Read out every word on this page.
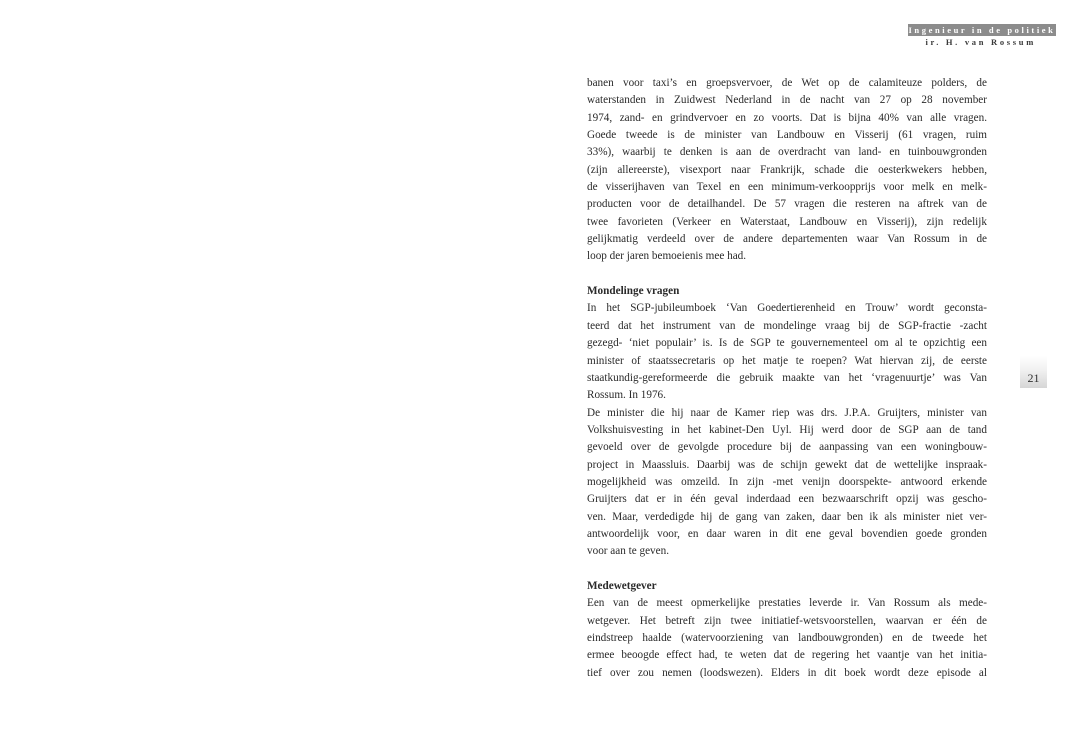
Ingenieur in de politiek
ir. H. van Rossum
21
banen voor taxi’s en groepsvervoer, de Wet op de calamiteuze polders, de
waterstanden in Zuidwest Nederland in de nacht van 27 op 28 november
1974, zand- en grindvervoer en zo voorts. Dat is bijna 40% van alle vragen.
Goede tweede is de minister van Landbouw en Visserij (61 vragen, ruim
33%), waarbij te denken is aan de overdracht van land- en tuinbouwgronden
(zijn allereerste), visexport naar Frankrijk, schade die oesterkwekers hebben,
de visserijhaven van Texel en een minimum-verkoopprijs voor melk en melk-
producten voor de detailhandel. De 57 vragen die resteren na aftrek van de
twee favorieten (Verkeer en Waterstaat, Landbouw en Visserij), zijn redelijk
gelijkmatig verdeeld over de andere departementen waar Van Rossum in de
loop der jaren bemoeienis mee had.
Mondelinge vragen
In het SGP-jubileumboek ‘Van Goedertierenheid en Trouw’ wordt geconsta-
teerd dat het instrument van de mondelinge vraag bij de SGP-fractie -zacht
gezegd- ‘niet populair’ is. Is de SGP te gouvernementeel om al te opzichtig een
minister of staatssecretaris op het matje te roepen? Wat hiervan zij, de eerste
staatkundig-gereformeerde die gebruik maakte van het ‘vragenuurtje’ was Van
Rossum. In 1976.
De minister die hij naar de Kamer riep was drs. J.P.A. Gruijters, minister van
Volkshuisvesting in het kabinet-Den Uyl. Hij werd door de SGP aan de tand
gevoeld over de gevolgde procedure bij de aanpassing van een woningbouw-
project in Maassluis. Daarbij was de schijn gewekt dat de wettelijke inspraak-
mogelijkheid was omzeild. In zijn -met venijn doorspekte- antwoord erkende
Gruijters dat er in één geval inderdaad een bezwaarschrift opzij was gescho-
ven. Maar, verdedigde hij de gang van zaken, daar ben ik als minister niet ver-
antwoordelijk voor, en daar waren in dit ene geval bovendien goede gronden
voor aan te geven.
Medewetgever
Een van de meest opmerkelijke prestaties leverde ir. Van Rossum als mede-
wetgever. Het betreft zijn twee initiatief-wetsvoorstellen, waarvan er één de
eindstreep haalde (watervoorziening van landbouwgronden) en de tweede het
ermee beoogde effect had, te weten dat de regering het vaantje van het initia-
tief over zou nemen (loodswezen). Elders in dit boek wordt deze episode al
